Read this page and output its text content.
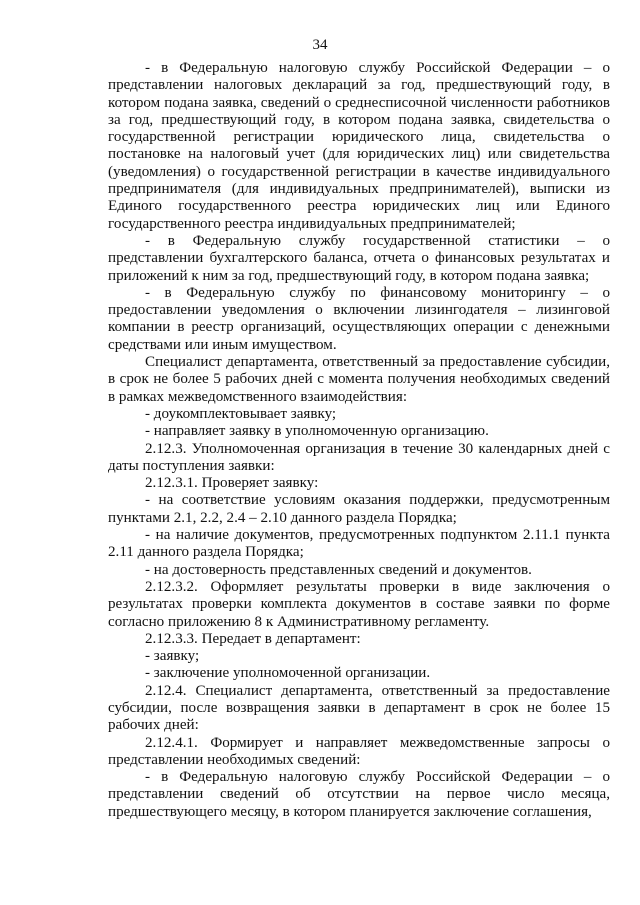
34

- в Федеральную налоговую службу Российской Федерации – о представлении налоговых деклараций за год, предшествующий году, в котором подана заявка, сведений о среднесписочной численности работников за год, предшествующий году, в котором подана заявка, свидетельства о государственной регистрации юридического лица, свидетельства о постановке на налоговый учет (для юридических лиц) или свидетельства (уведомления) о государственной регистрации в качестве индивидуального предпринимателя (для индивидуальных предпринимателей), выписки из Единого государственного реестра юридических лиц или Единого государственного реестра индивидуальных предпринимателей;

- в Федеральную службу государственной статистики – о представлении бухгалтерского баланса, отчета о финансовых результатах и приложений к ним за год, предшествующий году, в котором подана заявка;

- в Федеральную службу по финансовому мониторингу – о предоставлении уведомления о включении лизингодателя – лизинговой компании в реестр организаций, осуществляющих операции с денежными средствами или иным имуществом.

Специалист департамента, ответственный за предоставление субсидии, в срок не более 5 рабочих дней с момента получения необходимых сведений в рамках межведомственного взаимодействия:

- доукомплектовывает заявку;

- направляет заявку в уполномоченную организацию.

2.12.3. Уполномоченная организация в течение 30 календарных дней с даты поступления заявки:

2.12.3.1. Проверяет заявку:

- на соответствие условиям оказания поддержки, предусмотренным пунктами 2.1, 2.2, 2.4 – 2.10 данного раздела Порядка;

- на наличие документов, предусмотренных подпунктом 2.11.1 пункта 2.11 данного раздела Порядка;

- на достоверность представленных сведений и документов.

2.12.3.2. Оформляет результаты проверки в виде заключения о результатах проверки комплекта документов в составе заявки по форме согласно приложению 8 к Административному регламенту.

2.12.3.3. Передает в департамент:

- заявку;

- заключение уполномоченной организации.

2.12.4. Специалист департамента, ответственный за предоставление субсидии, после возвращения заявки в департамент в срок не более 15 рабочих дней:

2.12.4.1. Формирует и направляет межведомственные запросы о представлении необходимых сведений:

- в Федеральную налоговую службу Российской Федерации – о представлении сведений об отсутствии на первое число месяца, предшествующего месяцу, в котором планируется заключение соглашения,
